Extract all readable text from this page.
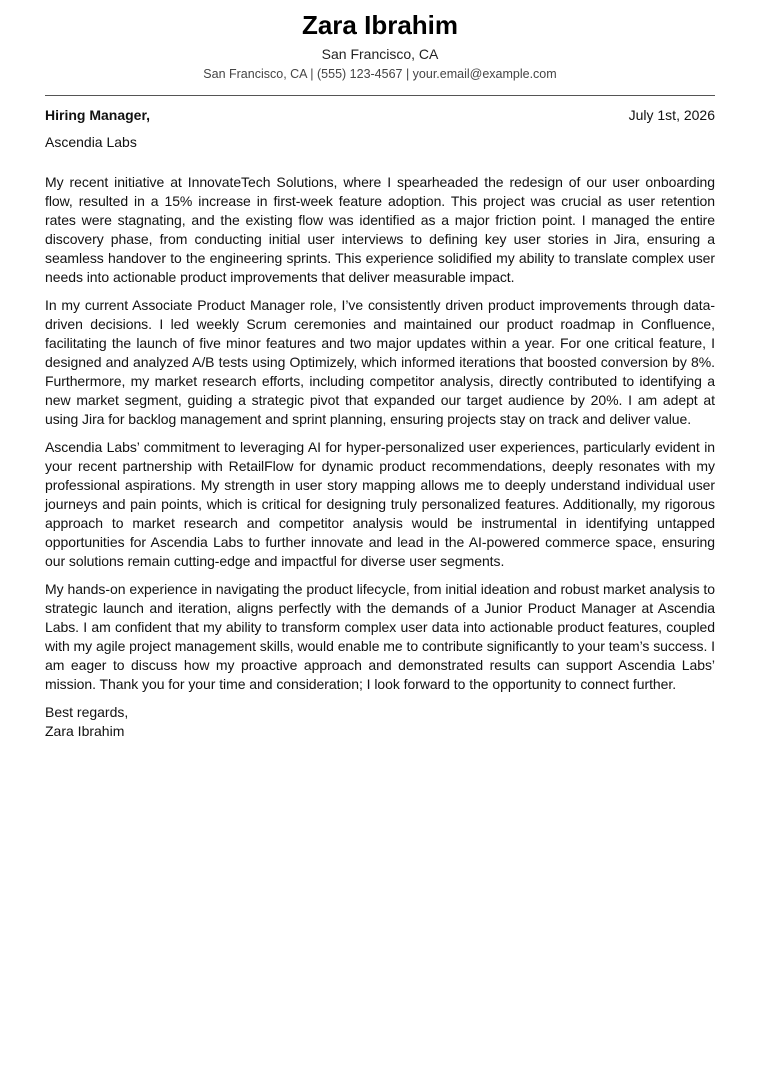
Zara Ibrahim
San Francisco, CA
San Francisco, CA | (555) 123-4567 | your.email@example.com
Hiring Manager,	July 1st, 2026
Ascendia Labs

My recent initiative at InnovateTech Solutions, where I spearheaded the redesign of our user onboarding flow, resulted in a 15% increase in first-week feature adoption. This project was crucial as user retention rates were stagnating, and the existing flow was identified as a major friction point. I managed the entire discovery phase, from conducting initial user interviews to defining key user stories in Jira, ensuring a seamless handover to the engineering sprints. This experience solidified my ability to translate complex user needs into actionable product improvements that deliver measurable impact.

In my current Associate Product Manager role, I’ve consistently driven product improvements through data-driven decisions. I led weekly Scrum ceremonies and maintained our product roadmap in Confluence, facilitating the launch of five minor features and two major updates within a year. For one critical feature, I designed and analyzed A/B tests using Optimizely, which informed iterations that boosted conversion by 8%. Furthermore, my market research efforts, including competitor analysis, directly contributed to identifying a new market segment, guiding a strategic pivot that expanded our target audience by 20%. I am adept at using Jira for backlog management and sprint planning, ensuring projects stay on track and deliver value.

Ascendia Labs’ commitment to leveraging AI for hyper-personalized user experiences, particularly evident in your recent partnership with RetailFlow for dynamic product recommendations, deeply resonates with my professional aspirations. My strength in user story mapping allows me to deeply understand individual user journeys and pain points, which is critical for designing truly personalized features. Additionally, my rigorous approach to market research and competitor analysis would be instrumental in identifying untapped opportunities for Ascendia Labs to further innovate and lead in the AI-powered commerce space, ensuring our solutions remain cutting-edge and impactful for diverse user segments.

My hands-on experience in navigating the product lifecycle, from initial ideation and robust market analysis to strategic launch and iteration, aligns perfectly with the demands of a Junior Product Manager at Ascendia Labs. I am confident that my ability to transform complex user data into actionable product features, coupled with my agile project management skills, would enable me to contribute significantly to your team’s success. I am eager to discuss how my proactive approach and demonstrated results can support Ascendia Labs’ mission. Thank you for your time and consideration; I look forward to the opportunity to connect further.

Best regards,
Zara Ibrahim
